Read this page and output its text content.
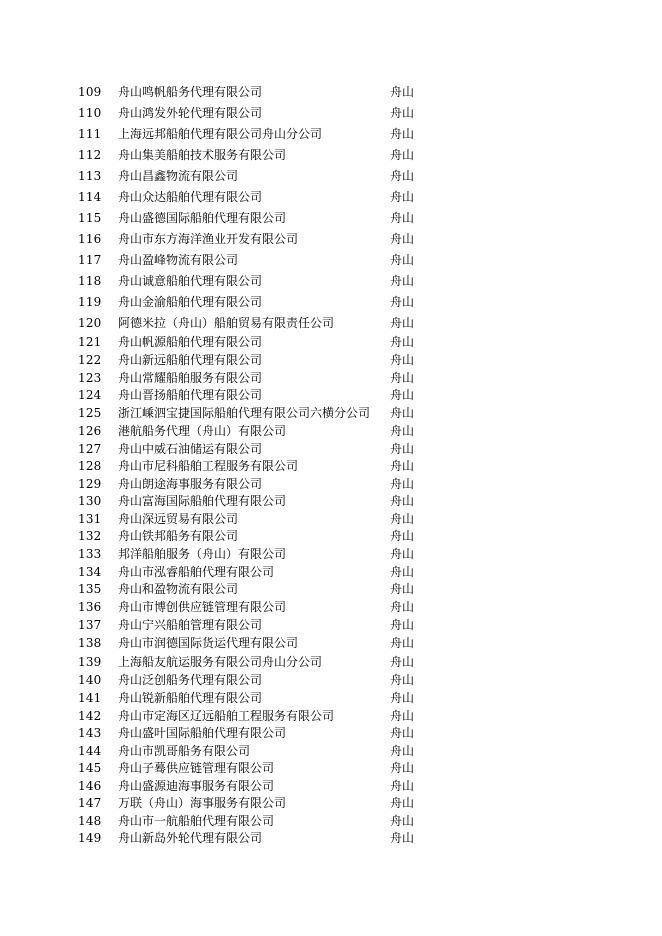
109	舟山鸣帆船务代理有限公司	舟山
110	舟山鸿发外轮代理有限公司	舟山
111	上海远邦船舶代理有限公司舟山分公司	舟山
112	舟山集美船舶技术服务有限公司	舟山
113	舟山昌鑫物流有限公司	舟山
114	舟山众达船舶代理有限公司	舟山
115	舟山盛德国际船舶代理有限公司	舟山
116	舟山市东方海洋渔业开发有限公司	舟山
117	舟山盈峰物流有限公司	舟山
118	舟山诚意船舶代理有限公司	舟山
119	舟山金渝船舶代理有限公司	舟山
120	阿德米拉（舟山）船舶贸易有限责任公司	舟山
121	舟山帆源船舶代理有限公司	舟山
122	舟山新远船舶代理有限公司	舟山
123	舟山常耀船舶服务有限公司	舟山
124	舟山晋扬船舶代理有限公司	舟山
125	浙江嵊泗宝捷国际船舶代理有限公司六横分公司	舟山
126	港航船务代理（舟山）有限公司	舟山
127	舟山中威石油储运有限公司	舟山
128	舟山市尼科船舶工程服务有限公司	舟山
129	舟山朗途海事服务有限公司	舟山
130	舟山富海国际船舶代理有限公司	舟山
131	舟山深远贸易有限公司	舟山
132	舟山铁邦船务有限公司	舟山
133	邦洋船舶服务（舟山）有限公司	舟山
134	舟山市泓睿船舶代理有限公司	舟山
135	舟山和盈物流有限公司	舟山
136	舟山市博创供应链管理有限公司	舟山
137	舟山宁兴船舶管理有限公司	舟山
138	舟山市润德国际货运代理有限公司	舟山
139	上海船友航运服务有限公司舟山分公司	舟山
140	舟山泛创船务代理有限公司	舟山
141	舟山锐新船舶代理有限公司	舟山
142	舟山市定海区辽远船舶工程服务有限公司	舟山
143	舟山盛叶国际船舶代理有限公司	舟山
144	舟山市凯哥船务有限公司	舟山
145	舟山子蓦供应链管理有限公司	舟山
146	舟山盛源迪海事服务有限公司	舟山
147	万联（舟山）海事服务有限公司	舟山
148	舟山市一航船舶代理有限公司	舟山
149	舟山新岛外轮代理有限公司	舟山
